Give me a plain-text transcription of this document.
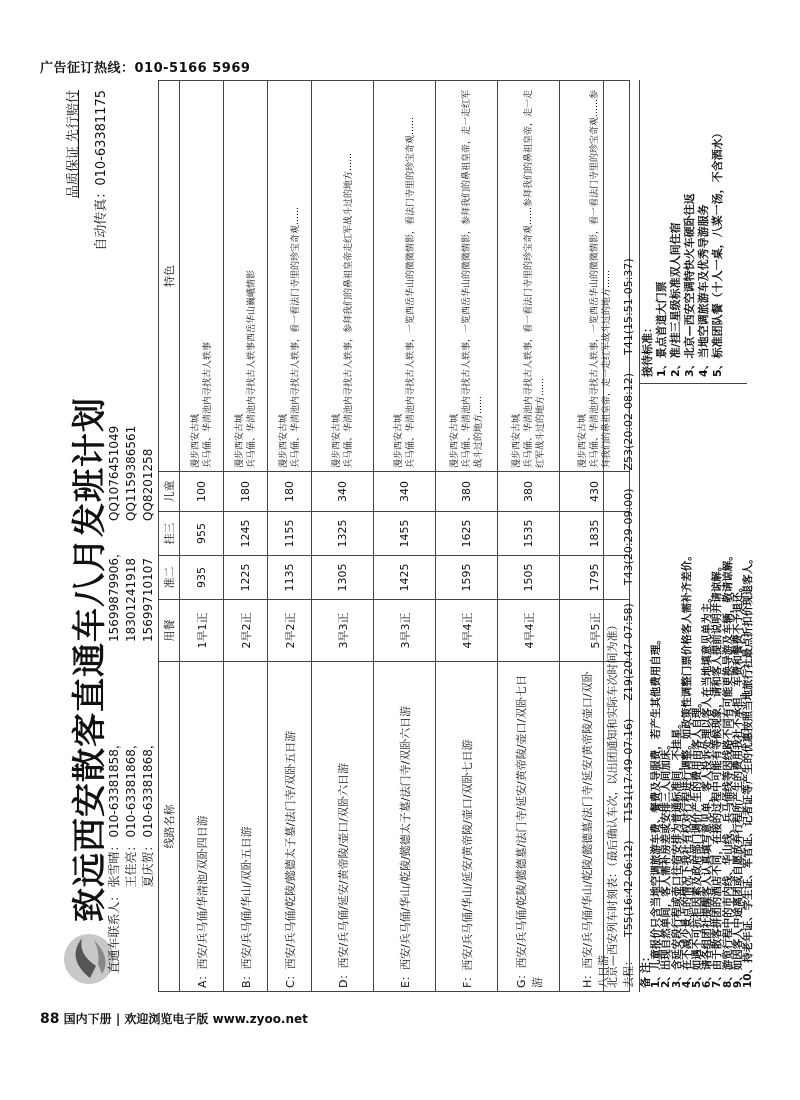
广告征订热线：010-5166 5969
致远西安散客直通车八月发班计划
品质保证 先行赔付	自动传真：010-63381175
直通车联系人：
张雪晴：
010-63381858，
15699879906，
QQ1076451049
王佳亮：
010-63381868，
18301241918
QQ1159386561
夏庆贺：
010-63381868，
15699710107
QQ8201258
线路名称	用餐	准二	挂三	儿童	特色
A：西安/兵马俑/华清池/双卧四日游	1早1正	935	955	100	漫步西安古城
兵马俑、华清池内寻找古人轶事
B：西安/兵马俑/华山/双卧五日游	2早2正	1225	1245	180	漫步西安古城
兵马俑、华清池内寻找古人轶事西岳华山巍峨情影
C：西安/兵马俑/乾陵/懿德太子墓/法门寺/双卧五日游	2早2正	1135	1155	180	漫步西安古城
兵马俑、华清池内寻找古人轶事，看一看法门寺里的珍宝奇观……
D：西安/兵马俑/延安/黄帝陵/壶口/双卧六日游	3早3正	1305	1325	340	漫步西安古城
兵马俑、华清池内寻找古人轶事，参拜我们的鼻祖皇帝走红军战斗过的地方……
E：西安/兵马俑/华山/乾陵/懿德太子墓/法门寺/双卧六日游	3早3正	1425	1455	340	漫步西安古城
兵马俑、华清池内寻找古人轶事，一览西岳华山的微微情影，看法门寺里的珍宝奇观……
F：西安/兵马俑/华山/延安/黄帝陵/壶口/双卧七日游	4早4正	1595	1625	380	漫步西安古城
兵马俑、华清池内寻找古人轶事，一览西岳华山的微微情影，参拜我们的鼻祖皇帝，走一走红军战斗过的地方……
G：西安/兵马俑/乾陵/懿德墓/法门寺/延安/黄帝陵/壶口/双卧七日游	4早4正	1505	1535	380	漫步西安古城
兵马俑、华清池内寻找古人轶事，看一看法门寺里的珍宝奇观……参拜我们的鼻祖皇帝，走一走红军战斗过的地方……
H：西安/兵马俑/华山/乾陵/懿德墓/法门寺/延安/黄帝陵/壶口/双卧八日游	5早5正	1795	1835	430	漫步西安古城
兵马俑、华清池内寻找古人轶事，一览西岳华山的微微情影，看一看法门寺里的珍宝奇观……参拜我们的鼻祖皇帝，走一走红军战斗过的地方……
北京—西安列车时刻表：（最后确认车次，以出团通知和实际车次时间为准） 去程：
T55(16:42-06:12)
T151(17:49-07:16)
Z19(20:47-07:58)
T43(20:29-09:00)
Z53(20:02-08:12)
T41(15:51-05:37)
备 注：
1、儿童报价只含当地空调旅游车费、餐费及导服费，若产生其他费用自理。
2、出现自然单间，客人需补房差或安排三人间加床。
3、含延安段行程或壶口往宿安排为普通标准间，不挂星。
4、在不减少景点的情况下我社有权对行程进行调整。如政策性调整门票价格客人需补齐差价。
5、如遇不可抗拒因素及政府部门调价产生的费用由客人自理。
6、请各组团社提醒客人认真填写意见单，客人投诉处理以客人在当地填意见单为主。
7、由于散客拼团的酒店不同，在接的过程中可能有等候现象，请和客人提前说明并请谅解。
8、游览行程中的市内线、华山线、兵马俑线等因线路不同有可能更换导游及车辆，敬请谅解。
9、如因客人中途离团或自愿放弃行程所产生的费用我社不承担，车费和餐费不予退还。
10、持老年证、学生证、军官证、记者证等产生的优惠按照当地旅行社最点折扣价现退客人。
接待标准： 1、景点首道大门票 2、准/挂三星级标准双人间住宿 3、北京—西安空调特快火车硬卧往返 4、当地空调旅游车及优秀导游服务 5、标准团队餐（十人一桌，八菜一汤，不含酒水）
88 国内下册 | 欢迎浏览电子版 www.zyoo.net
